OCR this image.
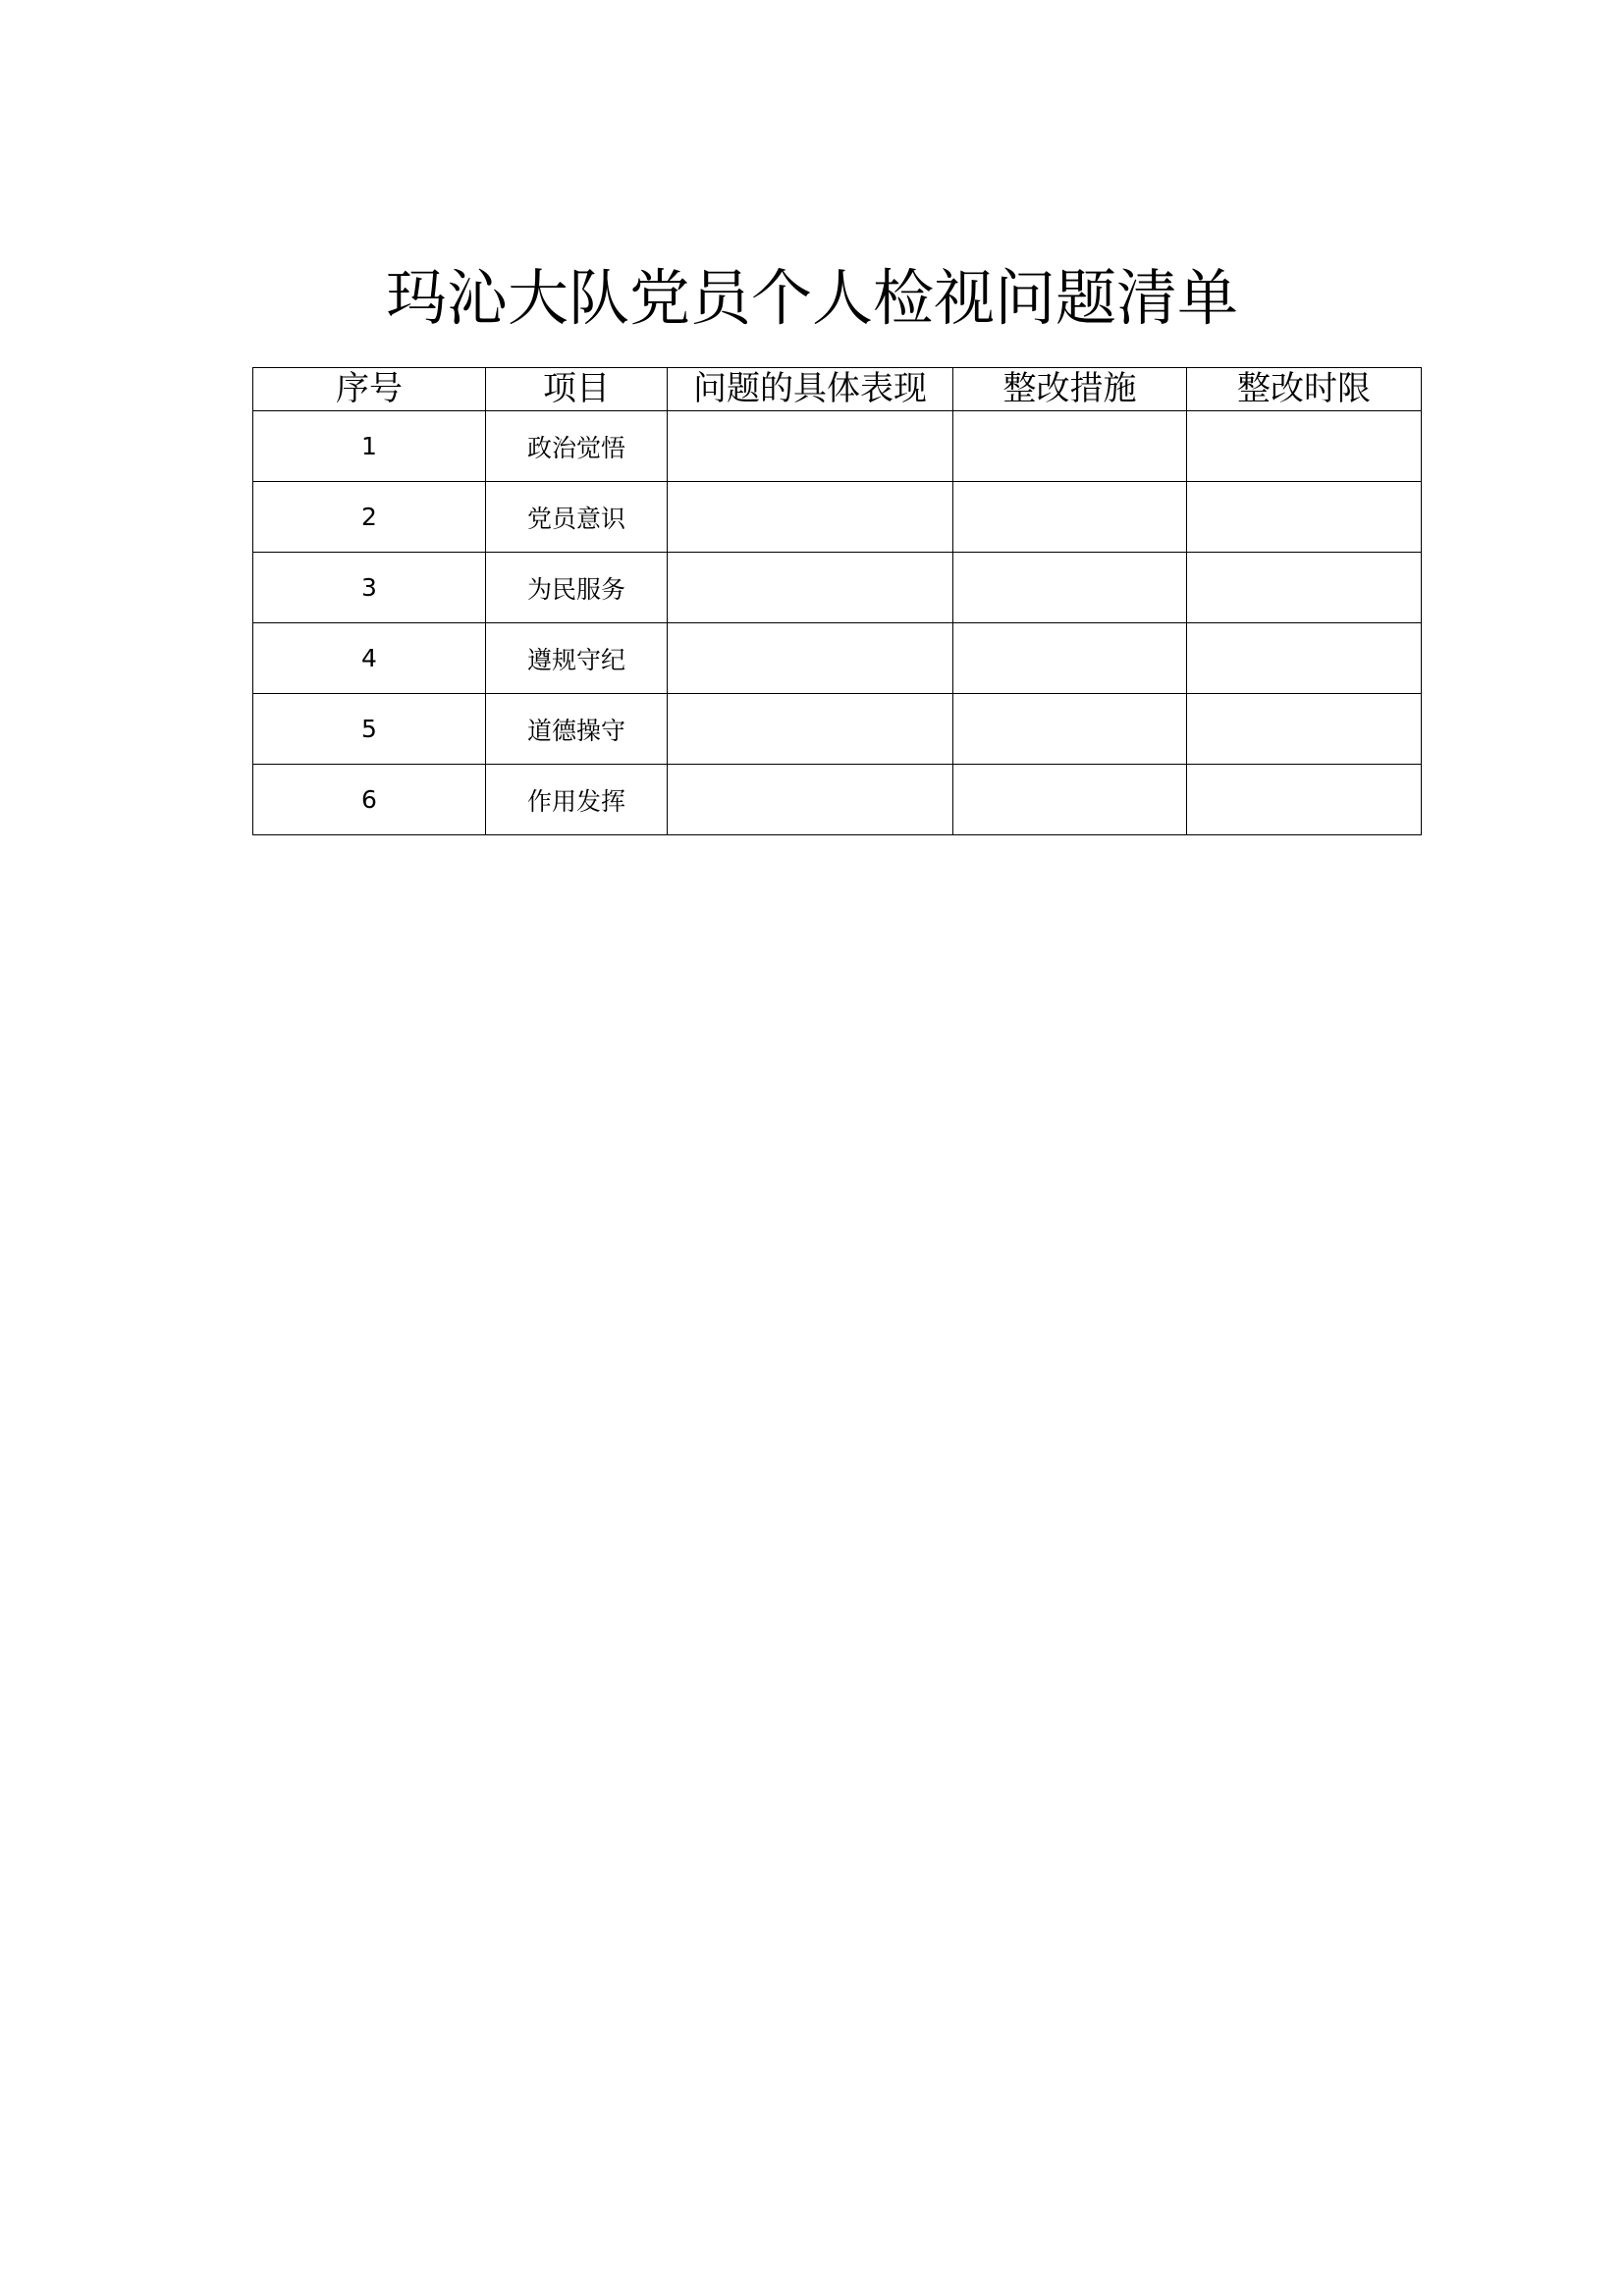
玛沁大队党员个人检视问题清单
序号	项目	问题的具体表现	整改措施	整改时限
1	政治觉悟			
2	党员意识			
3	为民服务			
4	遵规守纪			
5	道德操守			
6	作用发挥			
